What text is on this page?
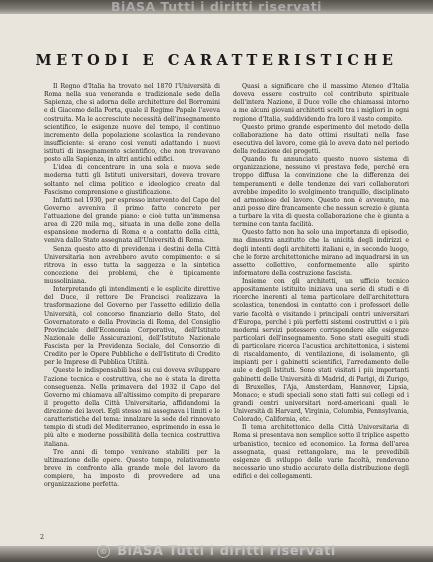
BiASA Tutti i diritti riservati
METODI E CARATTERISTICHE

Il Regno d'Italia ha trovato nel 1870 l'Università di Roma nella sua veneranda e tradizionale sede della Sapienza, che si adorna delle architetture del Borromini e di Giacomo della Porta, quale il Regime Papale l'aveva costruita. Ma le accresciute necessità dell'insegnamento scientifico, le esigenze nuove del tempo, il continuo incremento della popolazione scolastica la rendevano insufficiente: si erano così venuti adattando i nuovi istituti di insegnamento scientifico, che non trovavano posto alla Sapienza, in altri antichi edifici.

L'idea di concentrare in una sola e nuova sede moderna tutti gli Istituti universitari, doveva trovare soltanto nel clima politico e ideologico creato dal Fascismo comprensione e giustificazione.

Infatti nel 1930, per espresso intervento del Capo del Governo avveniva il primo fatto concreto per l'attuazione del grande piano: e cioè tutta un'immensa area di 220 mila mq., situata in una delle zone della espansione moderna di Roma e a contatto della città, veniva dallo Stato assegnata all'Università di Roma.

Senza questo atto di previdenza i destini della Città Universitaria non avrebbero avuto compimento: e si ritrova in esso tutta la saggezza e la sintetica concezione dei problemi, che è tipicamente mussoliniana.

Interpretando gli intendimenti e le esplicite direttive del Duce, il rettore De Francisci realizzava la trasformazione del Governo per l'assetto edilizio della Università, col concorso finanziario dello Stato, del Governatorato e della Provincia di Roma, del Consiglio Provinciale dell'Economia Corporativa, dell'Istituto Nazionale delle Assicurazioni, dell'Istituto Nazionale Fascista per la Previdenza Sociale, del Consorzio di Credito per le Opere Pubbliche e dell'Istituto di Credito per le Imprese di Pubblica Utilità.

Queste le indispensabili basi su cui doveva sviluppare l'azione tecnica e costruttiva, che ne è stata la diretta conseguenza. Nella primavera del 1932 il Capo del Governo mi chiamava all'altissimo compito di preparare il progetto della Città Universitaria, affidandomi la direzione dei lavori. Egli stesso mi assegnava i limiti e le caratteristiche del tema: innalzare la sede del rinnovato tempio di studi del Mediterraneo, esprimendo in essa le più alte e moderne possibilità della tecnica costruttiva italiana.

Tre anni di tempo venivano stabiliti per la ultimazione delle opere. Questo tempo, relativamente breve in confronto alla grande mole del lavoro da compiere, ha imposto di provvedere ad una organizzazione perfetta.

Quasi a significare che il massimo Ateneo d'Italia doveva essere costruito col contributo spirituale dell'intera Nazione, il Duce volle che chiamassi intorno a me alcuni giovani architetti scelti tra i migliori in ogni regione d'Italia, suddividendo fra loro il vasto compito.

Questo primo grande esperimento del metodo della collaborazione ha dato ottimi risultati nella fase esecutiva del lavoro, come già lo aveva dato nel periodo della redazione dei progetti.

Quando fu annunciato questo nuovo sistema di organizzazione, nessuno vi prestava fede, perché era troppo diffusa la convinzione che la differenza dei temperamenti e delle tendenze dei vari collaboratori avrebbe impedito lo svolgimento tranquillo, disciplinato ed armonioso del lavoro. Questo non è avvenuto, ma anzi posso dire francamente che nessun screzio è giunta a turbare la vita di questa collaborazione che è giunta a termine con tanta facilità.

Questo fatto non ha solo una importanza di episodio, ma dimostra anzitutto che la unicità degli indirizzi e degli intenti degli architetti italiani e, in secondo luogo, che le forze architettoniche mirano ad inquadrarsi in un assetto collettivo, conformemente allo spirito informatore della costruzione fascista.

Insieme con gli architetti, un ufficio tecnico appositamente istituito iniziava una serie di studi e di ricerche inerenti al tema particolare dell'architettura scolastica, tenendosi in contatto con i professori delle varie facoltà e visitando i principali centri universitari d'Europa, perché i più perfetti sistemi costruttivi e i più moderni servizi potessero corrispondere alle esigenze particolari dell'insegnamento. Sono stati eseguiti studi di particolare ricerca l'acustica architettonica, i sistemi di riscaldamento, di ventilazione, di isolamento, gli impianti per i gabinetti scientifici, l'arredamento delle aule e degli Istituti. Sono stati visitati i più importanti gabinetti delle Università di Madrid, di Parigi, di Zurigo, di Bruxelles, l'Aja, Amsterdam, Hannover, Lipsia, Monaco; e studi speciali sono stati fatti sui collegi ed i grandi centri universitari nord-americani quali le Università di Harvard, Virginia, Columbia, Pennsylvania, Colorado, California, etc.

Il tema architettonico della Città Universitaria di Roma si presentava non semplice sotto il triplice aspetto urbanistico, tecnico ed economico. La forma dell'area assegnata, quasi rettangolare, ma le prevedibili esigenze di sviluppo delle varie facoltà, rendevano necessario uno studio accurato della distribuzione degli edifici e dei collegamenti.

2
© BiASA Tutti i diritti riservati
